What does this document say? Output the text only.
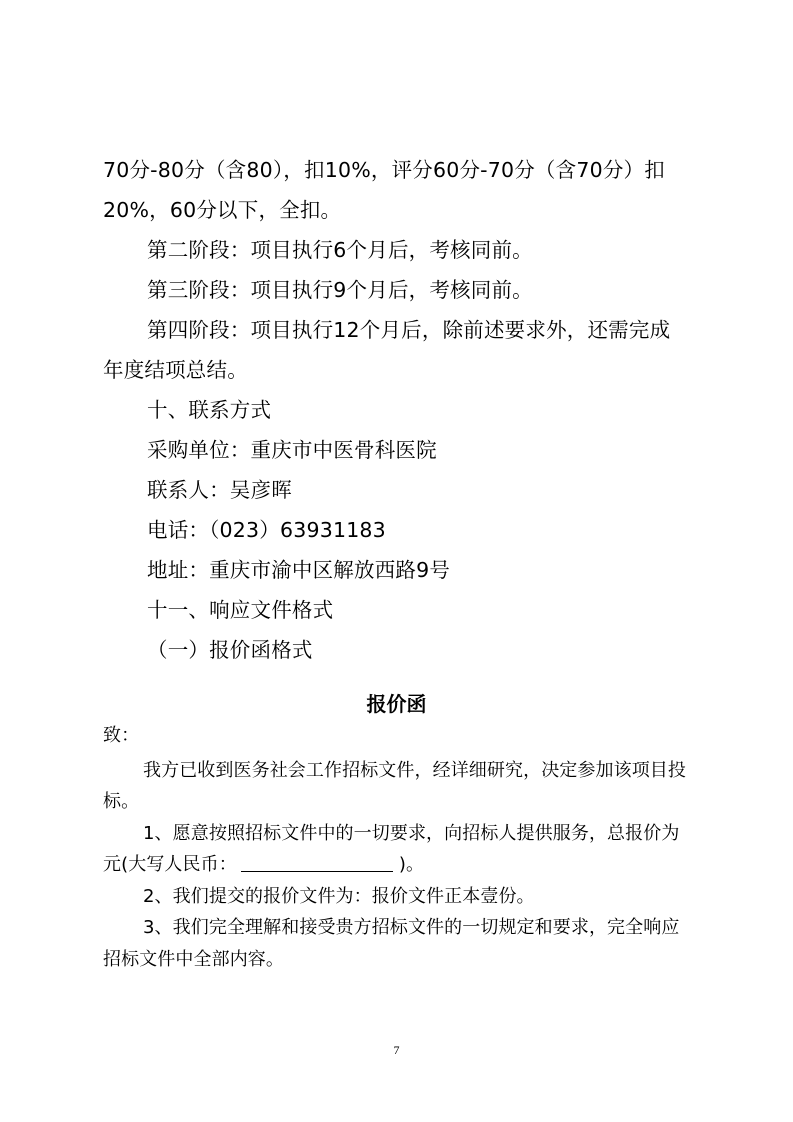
70分-80分（含80），扣10%，评分60分-70分（含70分）扣

20%，60分以下，全扣。

第二阶段：项目执行6个月后，考核同前。

第三阶段：项目执行9个月后，考核同前。

第四阶段：项目执行12个月后，除前述要求外，还需完成

年度结项总结。

十、联系方式

采购单位：重庆市中医骨科医院

联系人：吴彦晖

电话：（023）63931183

地址：重庆市渝中区解放西路9号

十一、响应文件格式

（一）报价函格式

报价函

致：

我方已收到医务社会工作招标文件，经详细研究，决定参加该项目投

标。

1、愿意按照招标文件中的一切要求，向招标人提供服务，总报价为

元(大写人民币：	)。

2、我们提交的报价文件为：报价文件正本壹份。

3、我们完全理解和接受贵方招标文件的一切规定和要求，完全响应

招标文件中全部内容。

7
